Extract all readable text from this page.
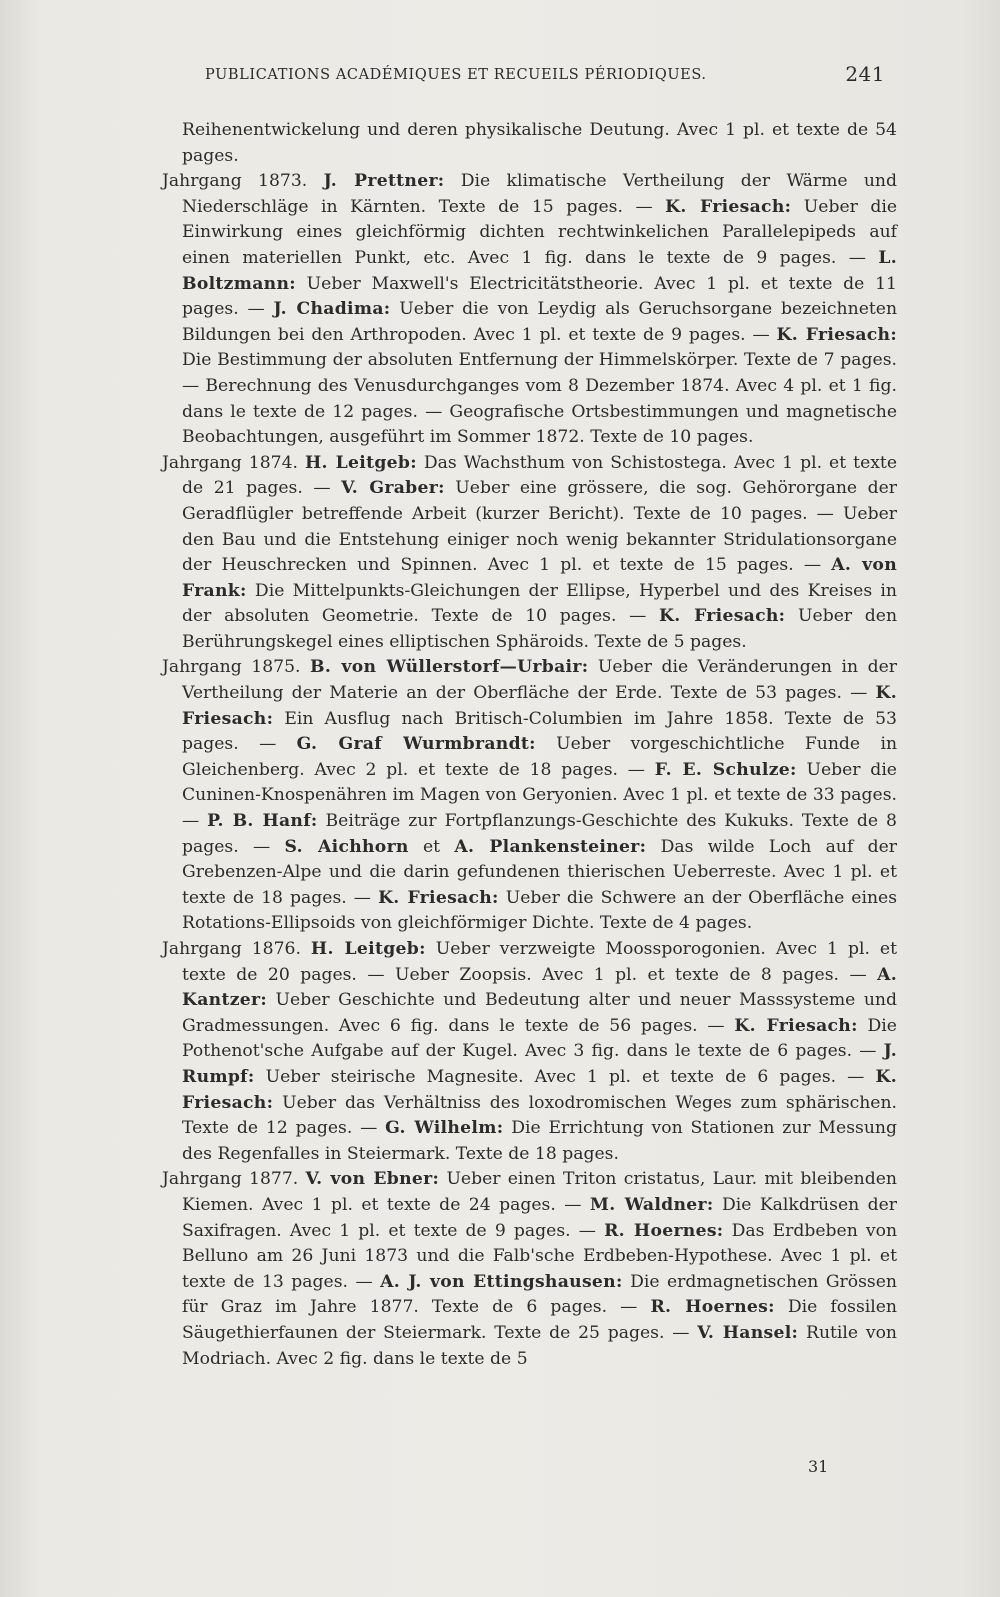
PUBLICATIONS ACADÉMIQUES ET RECUEILS PÉRIODIQUES.	241

Reihenentwickelung und deren physikalische Deutung. Avec 1 pl. et texte de 54 pages.

Jahrgang 1873. J. Prettner: Die klimatische Vertheilung der Wärme und Niederschläge in Kärnten. Texte de 15 pages. — K. Friesach: Ueber die Einwirkung eines gleichförmig dichten rechtwinkelichen Parallelepipeds auf einen materiellen Punkt, etc. Avec 1 fig. dans le texte de 9 pages. — L. Boltzmann: Ueber Maxwell's Electricitätstheorie. Avec 1 pl. et texte de 11 pages. — J. Chadima: Ueber die von Leydig als Geruchsorgane bezeichneten Bildungen bei den Arthropoden. Avec 1 pl. et texte de 9 pages. — K. Friesach: Die Bestimmung der absoluten Entfernung der Himmelskörper. Texte de 7 pages. — Berechnung des Venusdurchganges vom 8 Dezember 1874. Avec 4 pl. et 1 fig. dans le texte de 12 pages. — Geografische Ortsbestimmungen und magnetische Beobachtungen, ausgeführt im Sommer 1872. Texte de 10 pages.

Jahrgang 1874. H. Leitgeb: Das Wachsthum von Schistostega. Avec 1 pl. et texte de 21 pages. — V. Graber: Ueber eine grössere, die sog. Gehörorgane der Geradflügler betreffende Arbeit (kurzer Bericht). Texte de 10 pages. — Ueber den Bau und die Entstehung einiger noch wenig bekannter Stridulationsorgane der Heuschrecken und Spinnen. Avec 1 pl. et texte de 15 pages. — A. von Frank: Die Mittelpunkts-Gleichungen der Ellipse, Hyperbel und des Kreises in der absoluten Geometrie. Texte de 10 pages. — K. Friesach: Ueber den Berührungskegel eines elliptischen Sphäroids. Texte de 5 pages.

Jahrgang 1875. B. von Wüllerstorf—Urbair: Ueber die Veränderungen in der Vertheilung der Materie an der Oberfläche der Erde. Texte de 53 pages. — K. Friesach: Ein Ausflug nach Britisch-Columbien im Jahre 1858. Texte de 53 pages. — G. Graf Wurmbrandt: Ueber vorgeschichtliche Funde in Gleichenberg. Avec 2 pl. et texte de 18 pages. — F. E. Schulze: Ueber die Cuninen-Knospenähren im Magen von Geryonien. Avec 1 pl. et texte de 33 pages. — P. B. Hanf: Beiträge zur Fortpflanzungs-Geschichte des Kukuks. Texte de 8 pages. — S. Aichhorn et A. Plankensteiner: Das wilde Loch auf der Grebenzen-Alpe und die darin gefundenen thierischen Ueberreste. Avec 1 pl. et texte de 18 pages. — K. Friesach: Ueber die Schwere an der Oberfläche eines Rotations-Ellipsoids von gleichförmiger Dichte. Texte de 4 pages.

Jahrgang 1876. H. Leitgeb: Ueber verzweigte Moossporogonien. Avec 1 pl. et texte de 20 pages. — Ueber Zoopsis. Avec 1 pl. et texte de 8 pages. — A. Kantzer: Ueber Geschichte und Bedeutung alter und neuer Masssysteme und Gradmessungen. Avec 6 fig. dans le texte de 56 pages. — K. Friesach: Die Pothenot'sche Aufgabe auf der Kugel. Avec 3 fig. dans le texte de 6 pages. — J. Rumpf: Ueber steirische Magnesite. Avec 1 pl. et texte de 6 pages. — K. Friesach: Ueber das Verhältniss des loxodromischen Weges zum sphärischen. Texte de 12 pages. — G. Wilhelm: Die Errichtung von Stationen zur Messung des Regenfalles in Steiermark. Texte de 18 pages.

Jahrgang 1877. V. von Ebner: Ueber einen Triton cristatus, Laur. mit bleibenden Kiemen. Avec 1 pl. et texte de 24 pages. — M. Waldner: Die Kalkdrüsen der Saxifragen. Avec 1 pl. et texte de 9 pages. — R. Hoernes: Das Erdbeben von Belluno am 26 Juni 1873 und die Falb'sche Erdbeben-Hypothese. Avec 1 pl. et texte de 13 pages. — A. J. von Ettingshausen: Die erdmagnetischen Grössen für Graz im Jahre 1877. Texte de 6 pages. — R. Hoernes: Die fossilen Säugethierfaunen der Steiermark. Texte de 25 pages. — V. Hansel: Rutile von Modriach. Avec 2 fig. dans le texte de 5

31
